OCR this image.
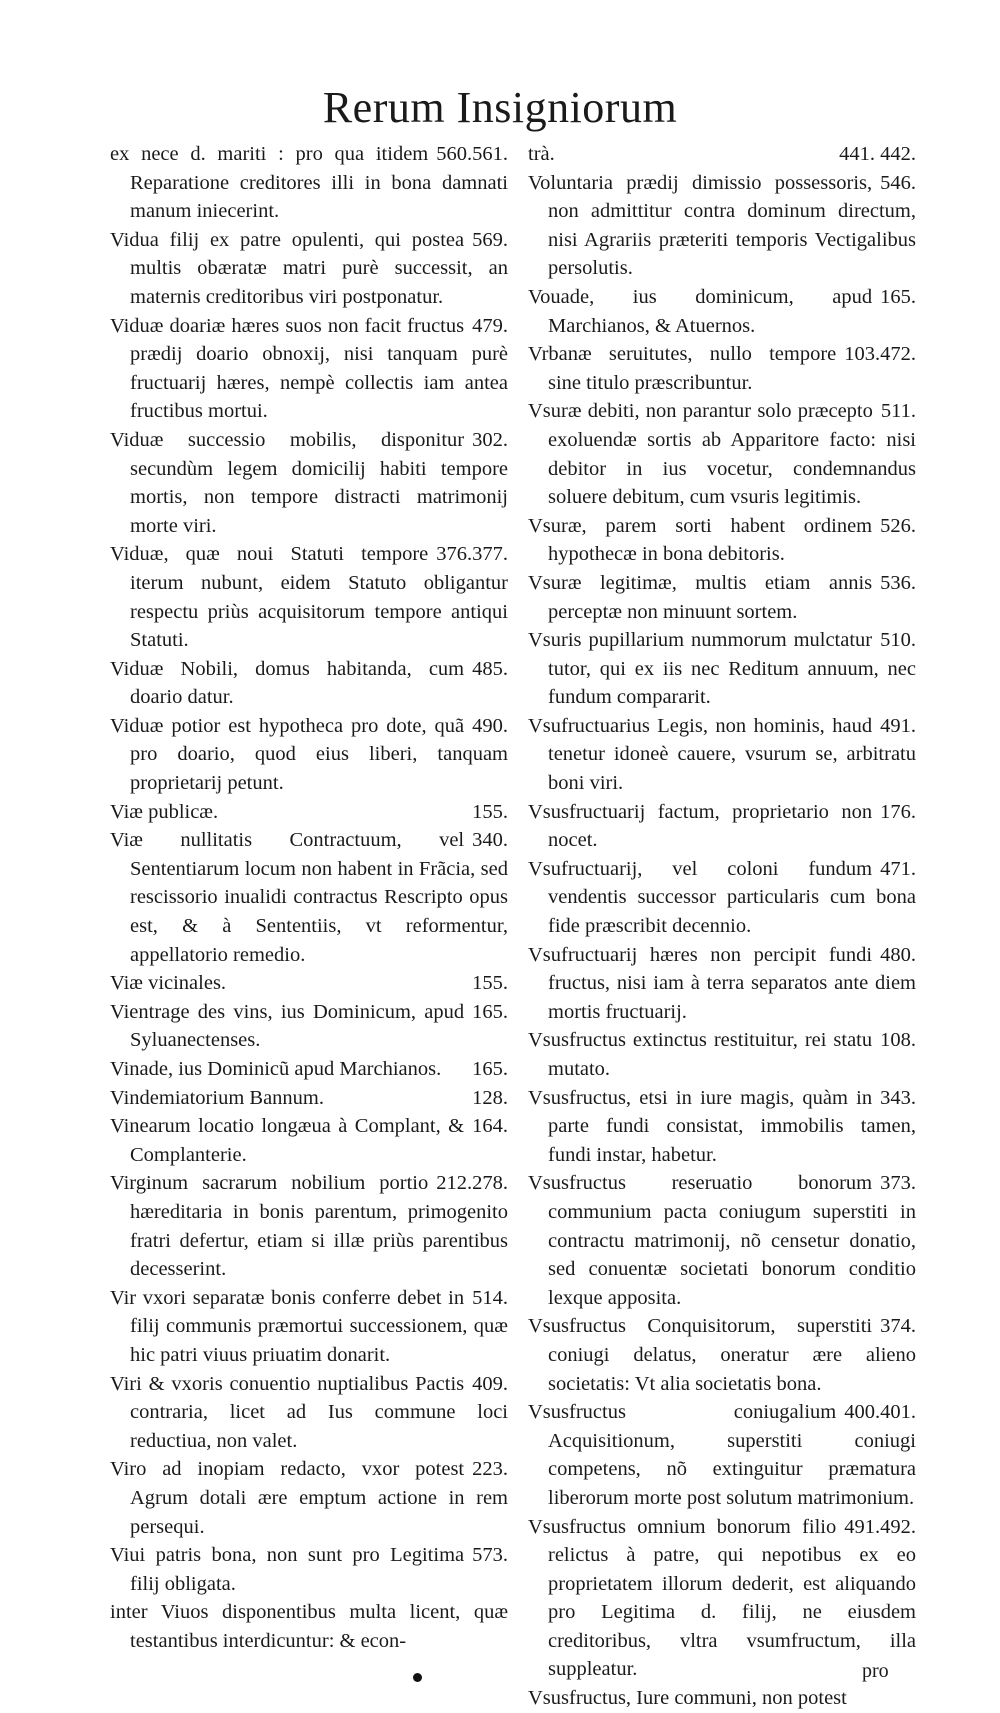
Rerum Insigniorum
560.561.
ex nece d. mariti : pro qua itidem Reparatione creditores illi in bona damnati manum iniecerint.
569.
Vidua filij ex patre opulenti, qui postea multis obæratæ matri purè successit, an maternis creditoribus viri postponatur.
479.
Viduæ doariæ hæres suos non facit fructus prædij doario obnoxij, nisi tanquam purè fructuarij hæres, nempè collectis iam antea fructibus mortui.
302.
Viduæ successio mobilis, disponitur secundùm legem domicilij habiti tempore mortis, non tempore distracti matrimonij morte viri.
376.377.
Viduæ, quæ noui Statuti tempore iterum nubunt, eidem Statuto obligantur respectu priùs acquisitorum tempore antiqui Statuti.
485.
Viduæ Nobili, domus habitanda, cum doario datur.
490.
Viduæ potior est hypotheca pro dote, quã pro doario, quod eius liberi, tanquam proprietarij petunt.
155.
Viæ publicæ.
340.
Viæ nullitatis Contractuum, vel Sententiarum locum non habent in Frãcia, sed rescissorio inualidi contractus Rescripto opus est, & à Sententiis, vt reformentur, appellatorio remedio.
155.
Viæ vicinales.
165.
Vientrage des vins, ius Dominicum, apud Syluanectenses.
165.
Vinade, ius Dominicũ apud Marchianos.
128.
Vindemiatorium Bannum.
164.
Vinearum locatio longæua à Complant, & Complanterie.
212.278.
Virginum sacrarum nobilium portio hæreditaria in bonis parentum, primogenito fratri defertur, etiam si illæ priùs parentibus decesserint.
514.
Vir vxori separatæ bonis conferre debet in filij communis præmortui successionem, quæ hic patri viuus priuatim donarit.
409.
Viri & vxoris conuentio nuptialibus Pactis contraria, licet ad Ius commune loci reductiua, non valet.
223.
Viro ad inopiam redacto, vxor potest Agrum dotali ære emptum actione in rem persequi.
573.
Viui patris bona, non sunt pro Legitima filij obligata.
inter Viuos disponentibus multa licent, quæ testantibus interdicuntur: & econ-
441. 442.
trà.
546.
Voluntaria prædij dimissio possessoris, non admittitur contra dominum directum, nisi Agrariis præteriti temporis Vectigalibus persolutis.
165.
Vouade, ius dominicum, apud Marchianos, & Atuernos.
103.472.
Vrbanæ seruitutes, nullo tempore sine titulo præscribuntur.
511.
Vsuræ debiti, non parantur solo præcepto exoluendæ sortis ab Apparitore facto: nisi debitor in ius vocetur, condemnandus soluere debitum, cum vsuris legitimis.
526.
Vsuræ, parem sorti habent ordinem hypothecæ in bona debitoris.
536.
Vsuræ legitimæ, multis etiam annis perceptæ non minuunt sortem.
510.
Vsuris pupillarium nummorum mulctatur tutor, qui ex iis nec Reditum annuum, nec fundum compararit.
491.
Vsufructuarius Legis, non hominis, haud tenetur idoneè cauere, vsurum se, arbitratu boni viri.
176.
Vsusfructuarij factum, proprietario non nocet.
471.
Vsufructuarij, vel coloni fundum vendentis successor particularis cum bona fide præscribit decennio.
480.
Vsufructuarij hæres non percipit fundi fructus, nisi iam à terra separatos ante diem mortis fructuarij.
108.
Vsusfructus extinctus restituitur, rei statu mutato.
343.
Vsusfructus, etsi in iure magis, quàm in parte fundi consistat, immobilis tamen, fundi instar, habetur.
373.
Vsusfructus reseruatio bonorum communium pacta coniugum superstiti in contractu matrimonij, nõ censetur donatio, sed conuentæ societati bonorum conditio lexque apposita.
374.
Vsusfructus Conquisitorum, superstiti coniugi delatus, oneratur ære alieno societatis: Vt alia societatis bona.
400.401.
Vsusfructus coniugalium Acquisitionum, superstiti coniugi competens, nõ extinguitur præmatura liberorum morte post solutum matrimonium.
491.492.
Vsusfructus omnium bonorum filio relictus à patre, qui nepotibus ex eo proprietatem illorum dederit, est aliquando pro Legitima d. filij, ne eiusdem creditoribus, vltra vsumfructum, illa suppleatur.
Vsusfructus, Iure communi, non potest
pro
